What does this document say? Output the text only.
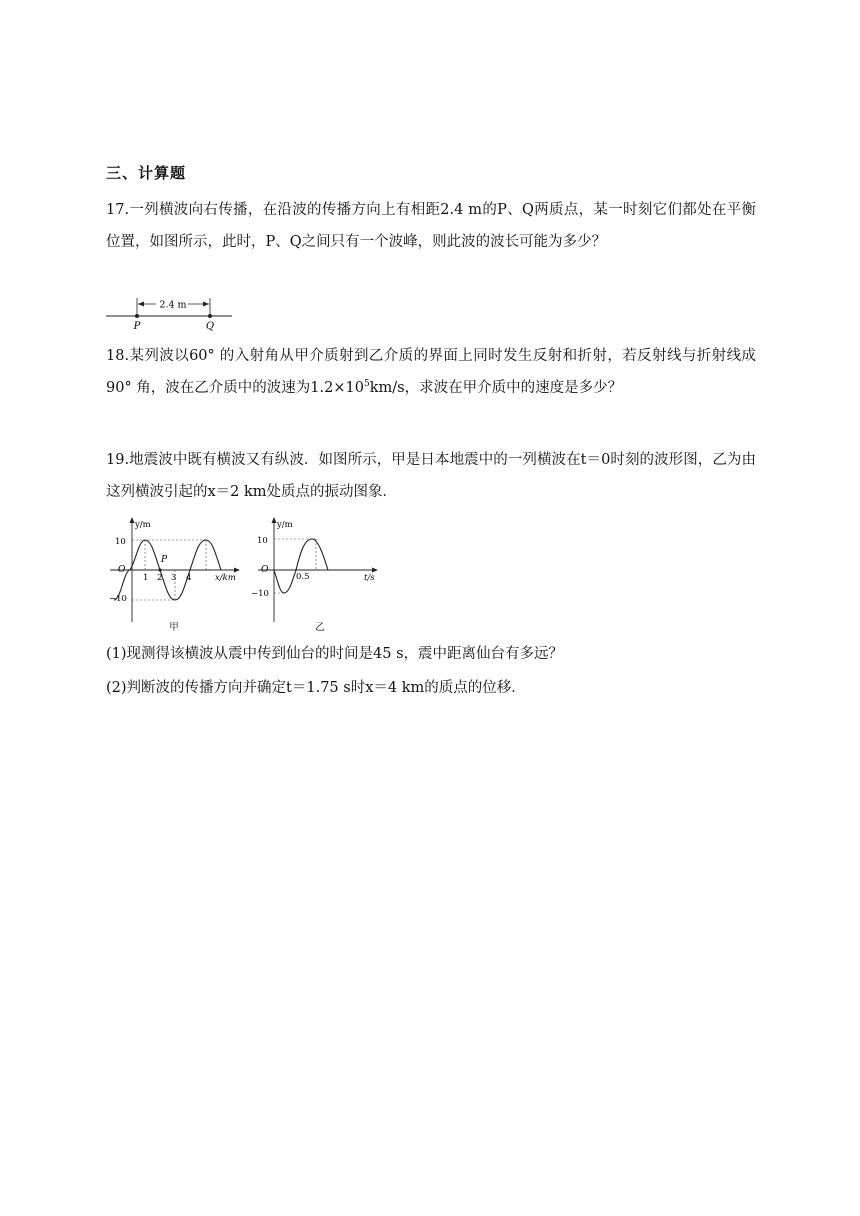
三、计算题
17.一列横波向右传播，在沿波的传播方向上有相距2.4 m的P、Q两质点，某一时刻它们都处在平衡位置，如图所示，此时，P、Q之间只有一个波峰，则此波的波长可能为多少？
2.4 m
P	Q
18.某列波以60° 的入射角从甲介质射到乙介质的界面上同时发生反射和折射，若反射线与折射线成90° 角，波在乙介质中的波速为$1.2\times 10^5km/s$，求波在甲介质中的速度是多少？
19.地震波中既有横波又有纵波．如图所示，甲是日本地震中的一列横波在t＝0时刻的波形图，乙为由这列横波引起的x＝2 km处质点的振动图象．
y/m
x/km
O
10
−10
1 2 3 4
P
甲
y/m
t/s
O
10
−10
0.5
乙
(1)现测得该横波从震中传到仙台的时间是45 s，震中距离仙台有多远？
(2)判断波的传播方向并确定t＝1.75 s时x＝4 km的质点的位移．
